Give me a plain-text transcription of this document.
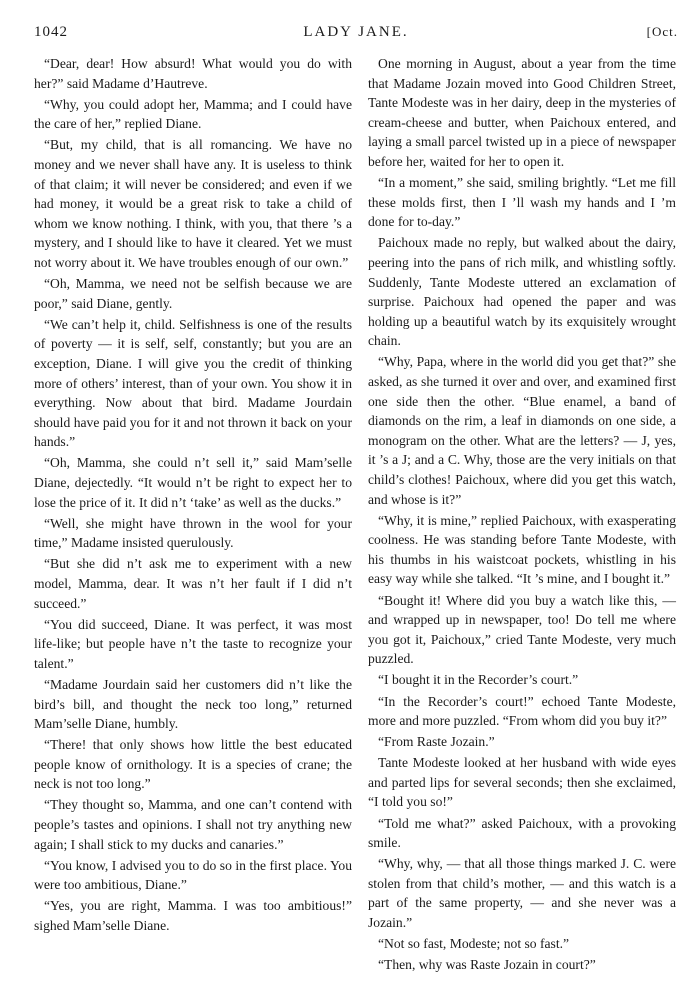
1042	LADY JANE.	[Oct.

“Dear, dear! How absurd! What would you do with her?” said Madame d’Hautreve.

“Why, you could adopt her, Mamma; and I could have the care of her,” replied Diane.

“But, my child, that is all romancing. We have no money and we never shall have any. It is useless to think of that claim; it will never be considered; and even if we had money, it would be a great risk to take a child of whom we know nothing. I think, with you, that there ’s a mystery, and I should like to have it cleared. Yet we must not worry about it. We have troubles enough of our own.”

“Oh, Mamma, we need not be selfish because we are poor,” said Diane, gently.

“We can’t help it, child. Selfishness is one of the results of poverty — it is self, self, constantly; but you are an exception, Diane. I will give you the credit of thinking more of others’ interest, than of your own. You show it in everything. Now about that bird. Madame Jourdain should have paid you for it and not thrown it back on your hands.”

“Oh, Mamma, she could n’t sell it,” said Mam’selle Diane, dejectedly. “It would n’t be right to expect her to lose the price of it. It did n’t ‘take’ as well as the ducks.”

“Well, she might have thrown in the wool for your time,” Madame insisted querulously.

“But she did n’t ask me to experiment with a new model, Mamma, dear. It was n’t her fault if I did n’t succeed.”

“You did succeed, Diane. It was perfect, it was most life-like; but people have n’t the taste to recognize your talent.”

“Madame Jourdain said her customers did n’t like the bird’s bill, and thought the neck too long,” returned Mam’selle Diane, humbly.

“There! that only shows how little the best educated people know of ornithology. It is a species of crane; the neck is not too long.”

“They thought so, Mamma, and one can’t contend with people’s tastes and opinions. I shall not try anything new again; I shall stick to my ducks and canaries.”

“You know, I advised you to do so in the first place. You were too ambitious, Diane.”

“Yes, you are right, Mamma. I was too ambitious!” sighed Mam’selle Diane.

One morning in August, about a year from the time that Madame Jozain moved into Good Children Street, Tante Modeste was in her dairy, deep in the mysteries of cream-cheese and butter, when Paichoux entered, and laying a small parcel twisted up in a piece of newspaper before her, waited for her to open it.

“In a moment,” she said, smiling brightly. “Let me fill these molds first, then I ’ll wash my hands and I ’m done for to-day.”

Paichoux made no reply, but walked about the dairy, peering into the pans of rich milk, and whistling softly. Suddenly, Tante Modeste uttered an exclamation of surprise. Paichoux had opened the paper and was holding up a beautiful watch by its exquisitely wrought chain.

“Why, Papa, where in the world did you get that?” she asked, as she turned it over and over, and examined first one side then the other. “Blue enamel, a band of diamonds on the rim, a leaf in diamonds on one side, a monogram on the other. What are the letters? — J, yes, it ’s a J; and a C. Why, those are the very initials on that child’s clothes! Paichoux, where did you get this watch, and whose is it?”

“Why, it is mine,” replied Paichoux, with exasperating coolness. He was standing before Tante Modeste, with his thumbs in his waistcoat pockets, whistling in his easy way while she talked. “It ’s mine, and I bought it.”

“Bought it! Where did you buy a watch like this, — and wrapped up in newspaper, too! Do tell me where you got it, Paichoux,” cried Tante Modeste, very much puzzled.

“I bought it in the Recorder’s court.”

“In the Recorder’s court!” echoed Tante Modeste, more and more puzzled. “From whom did you buy it?”

“From Raste Jozain.”

Tante Modeste looked at her husband with wide eyes and parted lips for several seconds; then she exclaimed, “I told you so!”

“Told me what?” asked Paichoux, with a provoking smile.

“Why, why, — that all those things marked J. C. were stolen from that child’s mother, — and this watch is a part of the same property, — and she never was a Jozain.”

“Not so fast, Modeste; not so fast.”

“Then, why was Raste Jozain in court?”
